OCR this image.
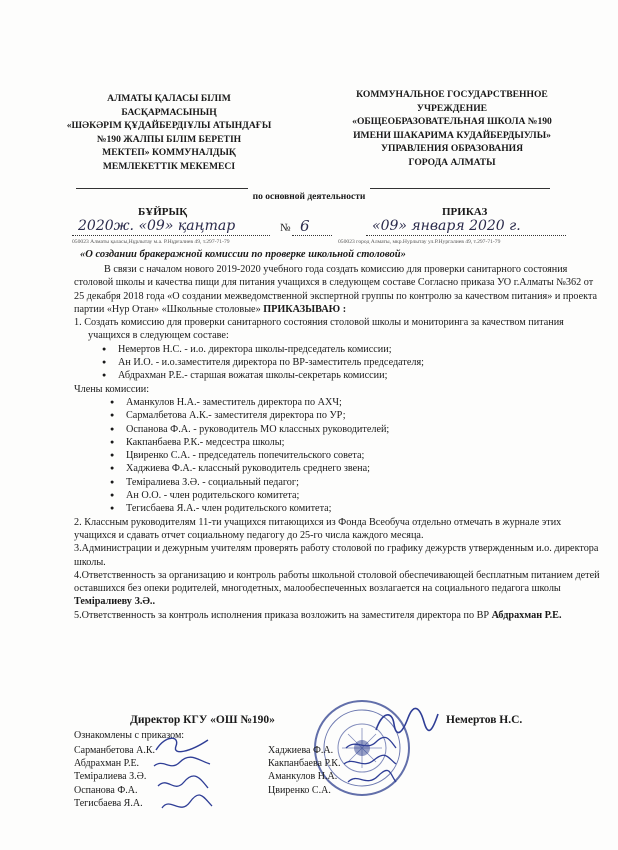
АЛМАТЫ ҚАЛАСЫ БІЛІМ
БАСҚАРМАСЫНЫҢ
«ШӘКӘРІМ ҚҰДАЙБЕРДІҰЛЫ АТЫНДАҒЫ
№190 ЖАЛПЫ БІЛІМ БЕРЕТІН
МЕКТЕП» КОММУНАЛДЫҚ
МЕМЛЕКЕТТІК МЕКЕМЕСІ
КОММУНАЛЬНОЕ ГОСУДАРСТВЕННОЕ
УЧРЕЖДЕНИЕ
«ОБЩЕОБРАЗОВАТЕЛЬНАЯ ШКОЛА №190
ИМЕНИ ШАКАРИМА КУДАЙБЕРДЫУЛЫ»
УПРАВЛЕНИЯ ОБРАЗОВАНИЯ
ГОРОДА АЛМАТЫ
по основной деятельности
БҰЙРЫҚ	ПРИКАЗ
2020ж. «09» қаңтар	№ 6	«09» января 2020 г.
050023 Алматы қаласы,Нұрлытау м.а. Р.Нұрғалиев 49, т.297-71-79	050023 город Алматы, мкр.Нурлытау ул.Р.Нургалиев 49, т.297-71-79
«О создании бракеражной комиссии по проверке школьной столовой»

В связи с началом нового 2019-2020 учебного года создать комиссию для проверки санитарного состояния столовой школы и качества пищи для питания учащихся в следующем составе Согласно приказа УО г.Алматы №362 от 25 декабря 2018 года «О создании межведомственной экспертной группы по контролю за качеством питания» и проекта партии «Нур Отан» «Школьные столовые» ПРИКАЗЫВАЮ :

1. Создать комиссию для проверки санитарного состояния столовой школы и мониторинга за качеством питания учащихся в следующем составе:

● Немертов Н.С. - и.о. директора школы-председатель комиссии;
● Ан И.О. - и.о.заместителя директора по ВР-заместитель председателя;
● Абдрахман Р.Е.- старшая вожатая школы-секретарь комиссии;

Члены комиссии:

● Аманкулов Н.А.- заместитель директора по АХЧ;
● Сармалбетова А.К.- заместителя директора по УР;
● Оспанова Ф.А. - руководитель МО классных руководителей;
● Какпанбаева Р.К.- медсестра школы;
● Цвиренко С.А. - председатель попечительского совета;
● Хаджиева Ф.А.- классный руководитель среднего звена;
● Теміралиева З.Ә. - социальный педагог;
● Ан О.О. - член родительского комитета;
● Тегисбаева Я.А.- член родительского комитета;

2. Классным руководителям 11-ти учащихся питающихся из Фонда Всеобуча отдельно отмечать в журнале этих учащихся и сдавать отчет социальному педагогу до 25-го числа каждого месяца.

3.Администрации и дежурным учителям проверять работу столовой по графику дежурств утвержденным и.о. директора школы.

4.Ответственность за организацию и контроль работы школьной столовой обеспечивающей бесплатным питанием детей оставшихся без опеки родителей, многодетных, малообеспеченных возлагается на социального педагога школы Теміралиеву З.Ә..

5.Ответственность за контроль исполнения приказа возложить на заместителя директора по ВР Абдрахман Р.Е.

Директор КГУ «ОШ №190»	Немертов Н.С.
Ознакомлены с приказом:
Сарманбетова А.К.
Абдрахман Р.Е.
Теміралиева З.Ә.
Оспанова Ф.А.
Тегисбаева Я.А.
Хаджиева Ф.А.
Какпанбаева Р.К.
Аманкулов Н.А.
Цвиренко С.А.
